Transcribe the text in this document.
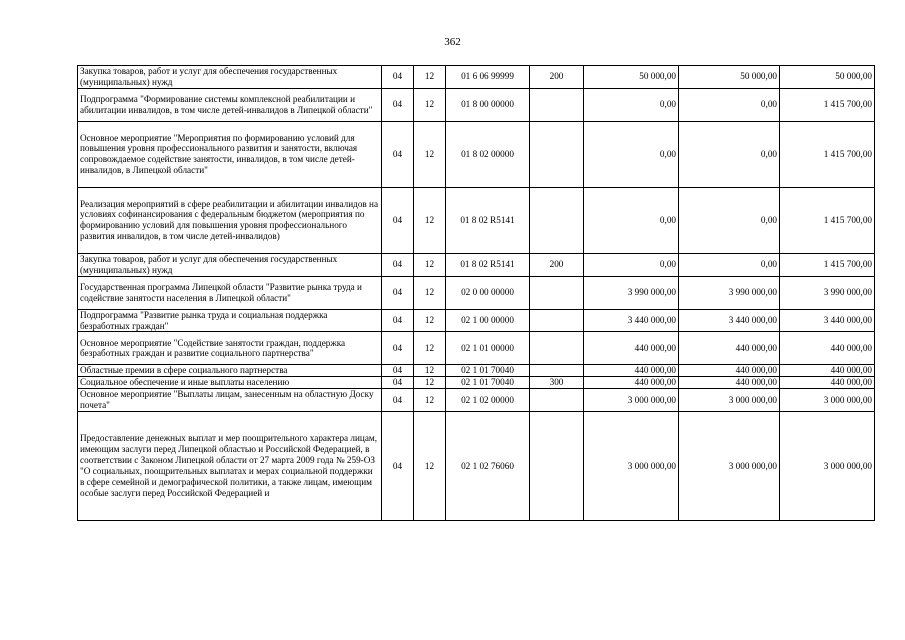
362
Закупка товаров, работ и услуг для обеспечения государственных (муниципальных) нужд	04	12	01 6 06 99999	200	50 000,00	50 000,00	50 000,00
Подпрограмма "Формирование системы комплексной реабилитации и абилитации инвалидов, в том числе детей-инвалидов в Липецкой области"	04	12	01 8 00 00000		0,00	0,00	1 415 700,00
Основное мероприятие "Мероприятия по формированию условий для повышения уровня профессионального развития и занятости, включая сопровождаемое содействие занятости, инвалидов, в том числе детей-инвалидов, в Липецкой области"	04	12	01 8 02 00000		0,00	0,00	1 415 700,00
Реализация мероприятий в сфере реабилитации и абилитации инвалидов на условиях софинансирования с федеральным бюджетом (мероприятия по формированию условий для повышения уровня профессионального развития инвалидов, в том числе детей-инвалидов)	04	12	01 8 02 R5141		0,00	0,00	1 415 700,00
Закупка товаров, работ и услуг для обеспечения государственных (муниципальных) нужд	04	12	01 8 02 R5141	200	0,00	0,00	1 415 700,00
Государственная программа Липецкой области "Развитие рынка труда и содействие занятости населения в Липецкой области"	04	12	02 0 00 00000		3 990 000,00	3 990 000,00	3 990 000,00
Подпрограмма "Развитие рынка труда и социальная поддержка безработных граждан"	04	12	02 1 00 00000		3 440 000,00	3 440 000,00	3 440 000,00
Основное мероприятие "Содействие занятости граждан, поддержка безработных граждан и развитие социального партнерства"	04	12	02 1 01 00000		440 000,00	440 000,00	440 000,00
Областные премии в сфере социального партнерства	04	12	02 1 01 70040		440 000,00	440 000,00	440 000,00
Социальное обеспечение и иные выплаты населению	04	12	02 1 01 70040	300	440 000,00	440 000,00	440 000,00
Основное мероприятие "Выплаты лицам, занесенным на областную Доску почета"	04	12	02 1 02 00000		3 000 000,00	3 000 000,00	3 000 000,00
Предоставление денежных выплат и мер поощрительного характера лицам, имеющим заслуги перед Липецкой областью и Российской Федерацией, в соответствии с Законом Липецкой области от 27 марта 2009 года № 259-ОЗ "О социальных, поощрительных выплатах и мерах социальной поддержки в сфере семейной и демографической политики, а также лицам, имеющим особые заслуги перед Российской Федерацией и	04	12	02 1 02 76060		3 000 000,00	3 000 000,00	3 000 000,00
